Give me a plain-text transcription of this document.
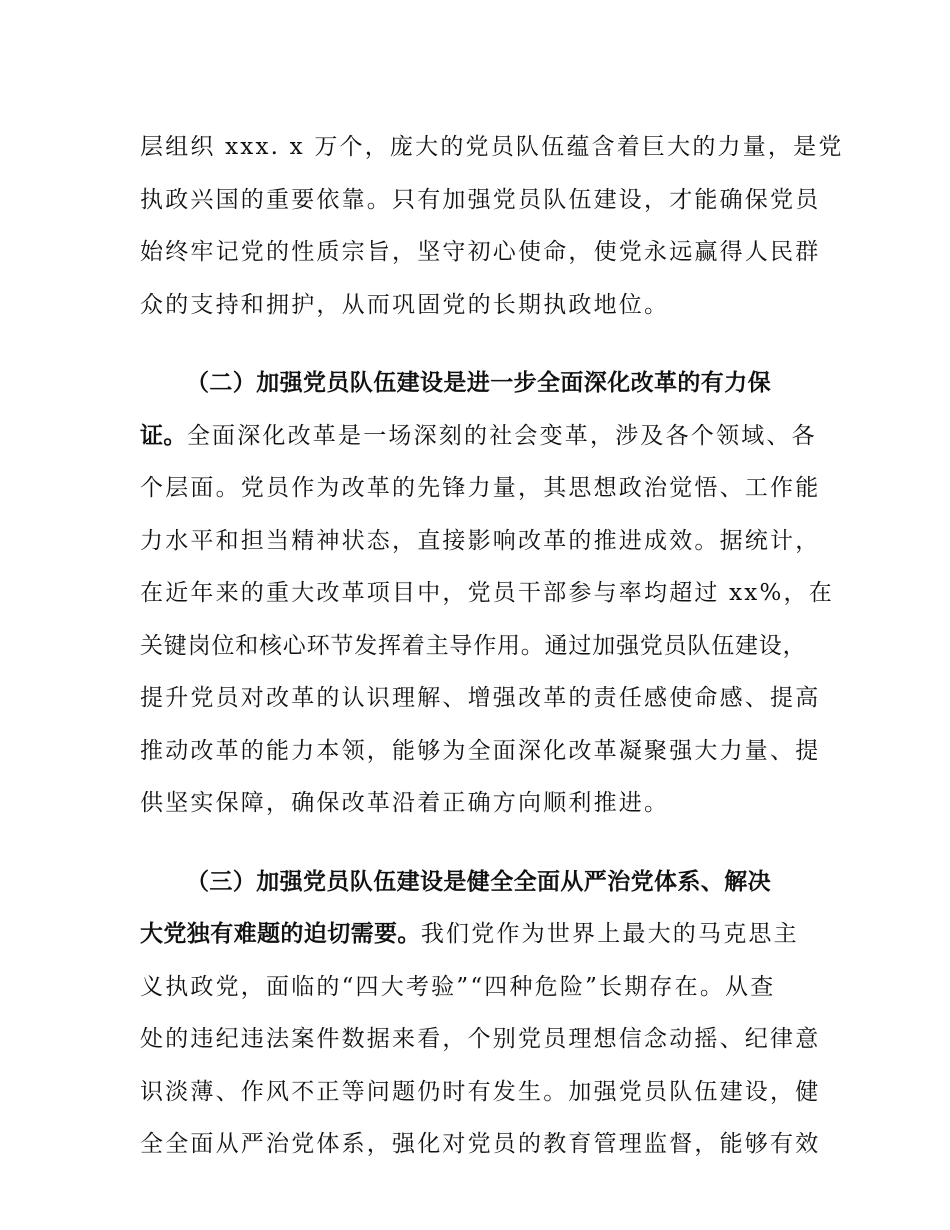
层组织 xxx. x 万个，庞大的党员队伍蕴含着巨大的力量，是党
执政兴国的重要依靠。只有加强党员队伍建设，才能确保党员
始终牢记党的性质宗旨，坚守初心使命，使党永远赢得人民群
众的支持和拥护，从而巩固党的长期执政地位。
（二）加强党员队伍建设是进一步全面深化改革的有力保
证。全面深化改革是一场深刻的社会变革，涉及各个领域、各
个层面。党员作为改革的先锋力量，其思想政治觉悟、工作能
力水平和担当精神状态，直接影响改革的推进成效。据统计，
在近年来的重大改革项目中，党员干部参与率均超过 xx%，在
关键岗位和核心环节发挥着主导作用。通过加强党员队伍建设，
提升党员对改革的认识理解、增强改革的责任感使命感、提高
推动改革的能力本领，能够为全面深化改革凝聚强大力量、提
供坚实保障，确保改革沿着正确方向顺利推进。
（三）加强党员队伍建设是健全全面从严治党体系、解决
大党独有难题的迫切需要。我们党作为世界上最大的马克思主
义执政党，面临的“四大考验”“四种危险”长期存在。从查
处的违纪违法案件数据来看，个别党员理想信念动摇、纪律意
识淡薄、作风不正等问题仍时有发生。加强党员队伍建设，健
全全面从严治党体系，强化对党员的教育管理监督，能够有效
